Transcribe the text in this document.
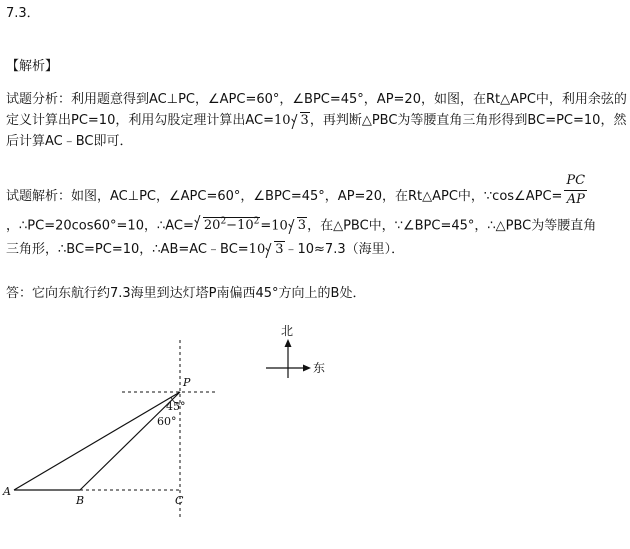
7.3．
【解析】
试题分析：利用题意得到AC⊥PC，∠APC=60°，∠BPC=45°，AP=20，如图，在Rt△APC中，利用余弦的
定义计算出PC=10，利用勾股定理计算出AC=10 3，再判断△PBC为等腰直角三角形得到BC=PC=10，然
后计算AC﹣BC即可．
试题解析：如图，AC⊥PC，∠APC=60°，∠BPC=45°，AP=20，在Rt△APC中，∵cos∠APC= $\frac{PC}{AP}$
，∴PC=20cos60°=10，∴AC= $20^2-10^2=10$ 3，在△PBC中，∵∠BPC=45°，∴△PBC为等腰直角
三角形，∴BC=PC=10，∴AB=AC﹣BC=10 3﹣10≈7.3（海里）．
答：它向东航行约7.3海里到达灯塔P南偏西45°方向上的B处．
P
A
B	C
45°
60°
北
东
